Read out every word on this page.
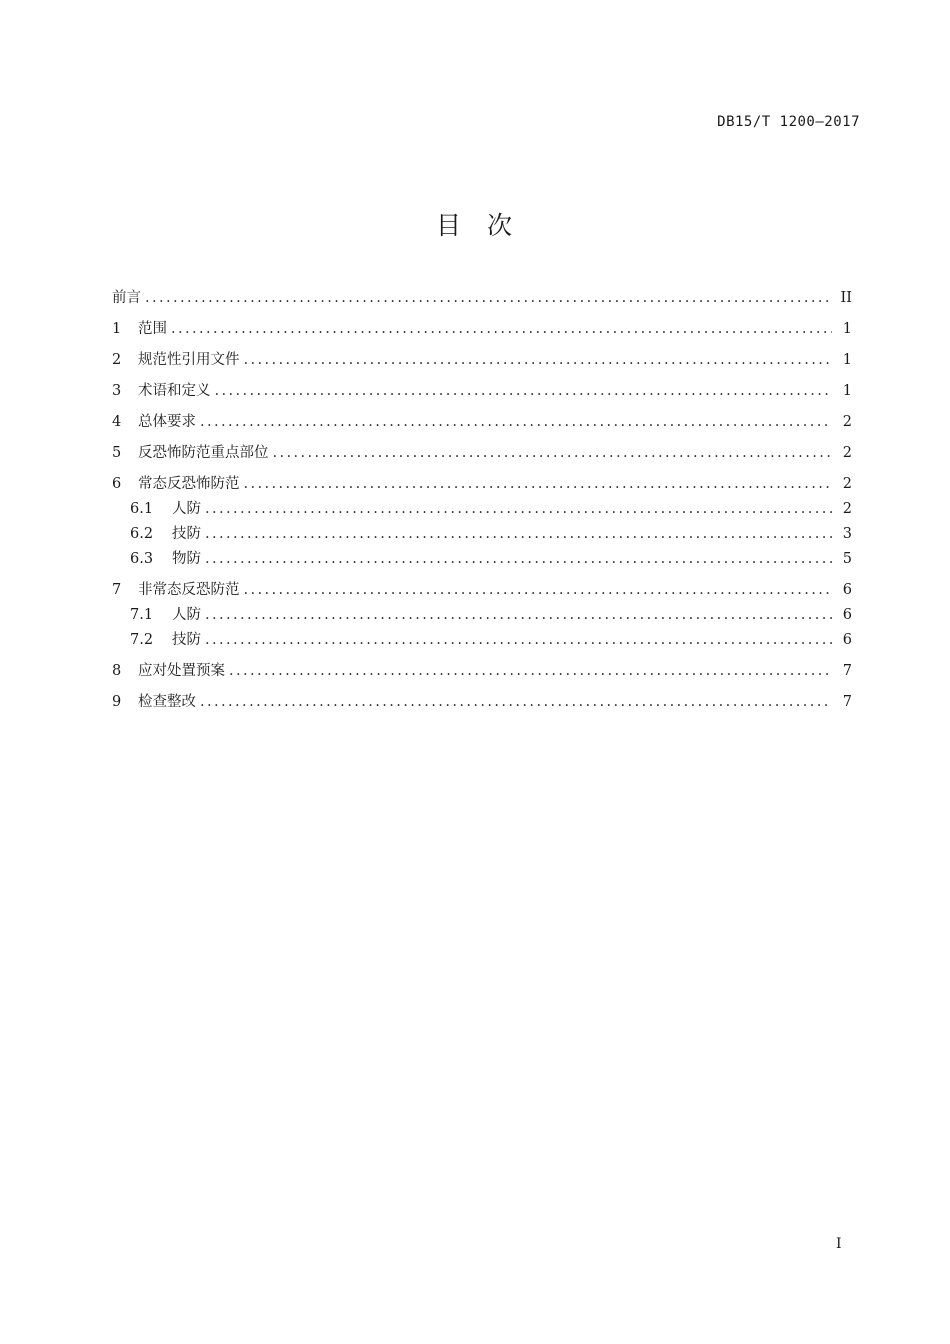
DB15/T 1200—2017
目次
前言 .....	II
1	范围 .....	1
2	规范性引用文件 .....	1
3	术语和定义 .....	1
4	总体要求 .....	2
5	反恐怖防范重点部位 .....	2
6	常态反恐怖防范 .....	2
6.1	人防 .....	2
6.2	技防 .....	3
6.3	物防 .....	5
7	非常态反恐防范 .....	6
7.1	人防 .....	6
7.2	技防 .....	6
8	应对处置预案 .....	7
9	检查整改 .....	7
I
